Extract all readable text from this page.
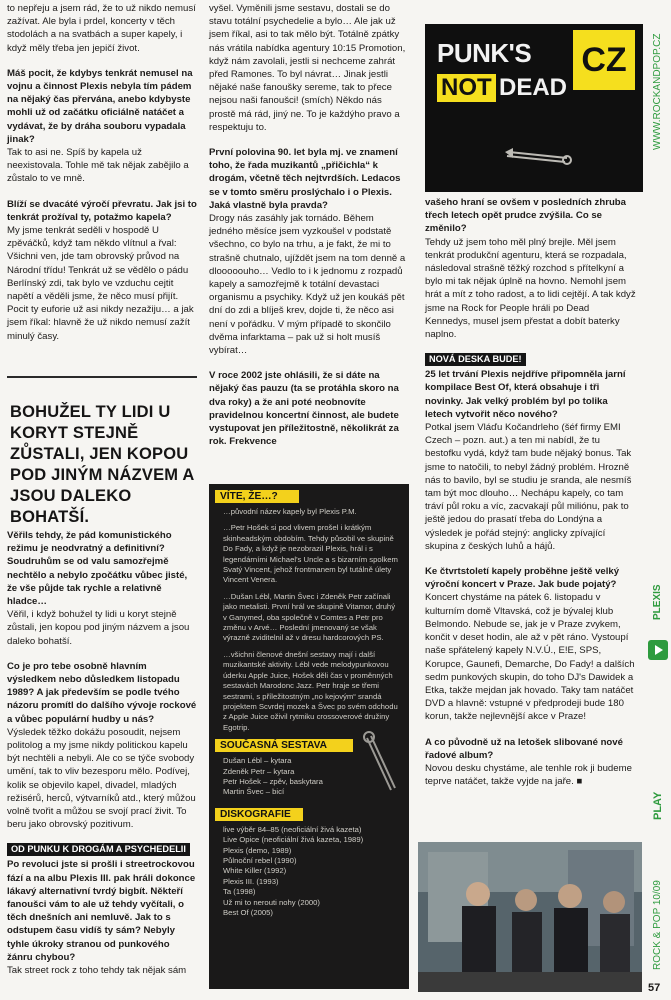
to nepřeju a jsem rád, že to už nikdo nemusí zažívat. Ale byla i prdel, koncerty v těch stodolách a na svatbách a super kapely, i když měly třeba jen jepičí život.

Máš pocit, že kdybys tenkrát nemusel na vojnu a činnost Plexis nebyla tím pádem na nějaký čas přervána, anebo kdybyste mohli už od začátku oficiálně natáčet a vydávat, že by dráha souboru vypadala jinak?
Tak to asi ne. Spíš by kapela už neexistovala. Tohle mě tak nějak zabějilo a zůstalo to ve mně.

Blíží se dvacáté výročí převratu. Jak jsi to tenkrát prožíval ty, potažmo kapela?
My jsme tenkrát seděli v hospodě U zpěváčků, když tam někdo vlítnul a řval: Všichni ven, jde tam obrovský průvod na Národní třídu! Tenkrát už se vědělo o pádu Berlínský zdi, tak bylo ve vzduchu cejtit napětí a věděli jsme, že něco musí přijít. Pocit ty euforie už asi nikdy nezažiju… a jak jsem říkal: hlavně že už nikdo nemusí zažít minulý časy.

BOHUŽEL TY LIDI U KORYT STEJNĚ ZŮSTALI, JEN KOPOU POD JINÝM NÁZVEM A JSOU DALEKO BOHATŠÍ.

Věřils tehdy, že pád komunistického režimu je neodvratný a definitivní? Soudruhům se od valu samozřejmě nechtělo a nebylo zpočátku vůbec jisté, že vše půjde tak rychle a relativně hladce…
Věřil, i když bohužel ty lidi u koryt stejně zůstali, jen kopou pod jiným názvem a jsou daleko bohatší.

Co je pro tebe osobně hlavním výsledkem nebo důsledkem listopadu 1989? A jak především se podle tvého názoru promítl do dalšího vývoje rockové a vůbec populární hudby u nás?
Výsledek těžko dokážu posoudit, nejsem politolog a my jsme nikdy politickou kapelu být nechtěli a nebyli. Ale co se týče svobody umění, tak to vliv bezesporu mělo. Podívej, kolik se objevilo kapel, divadel, mladých režisérů, herců, výtvarníků atd., který můžou volně tvořit a můžou se svojí prací živit. To beru jako obrovský pozitivum.

OD PUNKU K DROGÁM A PSYCHEDELII

Po revoluci jste si prošli i streetrockovou fází a na albu Plexis III. pak hráli dokonce lákavý alternativní tvrdý bigbít. Někteří fanoušci vám to ale už tehdy vyčítali, o těch dnešních ani nemluvě. Jak to s odstupem času vidíš ty sám? Nebyly tyhle úkroky stranou od punkového žánru chybou?
Tak street rock z toho tehdy tak nějak sám

vyšel. Vyměnili jsme sestavu, dostali se do stavu totální psychedelie a bylo… Ale jak už jsem říkal, asi to tak mělo být. Totálně zpátky nás vrátila nabídka agentury 10:15 Promotion, když nám zavolali, jestli si nechceme zahrát před Ramones. To byl návrat… Jinak jestli nějaké naše fanoušky sereme, tak to přece nejsou naši fanoušci! (smích) Někdo nás prostě má rád, jiný ne. To je každýho pravo a respektuju to.

První polovina 90. let byla mj. ve znamení toho, že řada muzikantů „přičichla“ k drogám, včetně těch nejtvrdších. Ledacos se v tomto směru proslýchalo i o Plexis. Jaká vlastně byla pravda?
Drogy nás zasáhly jak tornádo. Během jedného měsíce jsem vyzkoušel v podstatě všechno, co bylo na trhu, a je fakt, že mi to strašně chutnalo, ujíždět jsem na tom denně a dlooooouho… Vedlo to i k jednomu z rozpadů kapely a samozřejmě k totální devastaci organismu a psychiky. Když už jen koukáš pět dní do zdi a blíješ krev, dojde ti, že něco asi není v pořádku. V mým případě to skončilo dvěma infarktama – pak už si holt musíš vybírat…

V roce 2002 jste ohlásili, že si dáte na nějaký čas pauzu (ta se protáhla skoro na dva roky) a že ani poté neobnovíte pravidelnou koncertní činnost, ale budete vystupovat jen příležitostně, několikrát za rok. Frekvence

VÍTE, ŽE…?

…původní název kapely byl Plexis P.M.

…Petr Hošek si pod vlivem prošel i krátkým skinheadským obdobím. Tehdy působil ve skupině Do Fady, a když je nezobrazil Plexis, hrál i s legendárními Michael's Uncle a s bizarním spolkem Svatý Vincent, jehož frontmanem byl tutálně úlety Vincent Venera.

…Dušan Lébl, Martin Švec i Zdeněk Petr začínali jako metalisti. První hrál ve skupině Vitamor, druhý v Ganymed, oba společně v Comtes a Petr pro změnu v Arvé… Poslední jmenovaný se však výrazně zviditelnil až v dresu hardcorových PS.

…všichni členové dnešní sestavy mají i další muzikantské aktivity. Lébl vede melodypunkovou úderku Apple Juice, Hošek děli čas v proměnných sestavách Marodonc Jazz. Petr hraje se třemi sestrami, s příležitostným „no kejovým“ srandá projektem Scvrdej mozek a Švec po svém odchodu z Apple Juice oživil rytmiku crossoverové družiny Egotrip.

SOUČASNÁ SESTAVA
Dušan Lébl – kytara
Zdeněk Petr – kytara
Petr Hošek – zpěv, baskytara
Martin Švec – bicí
DISKOGRAFIE
live výběr 84–85 (neoficiální živá kazeta)
Live Opice (neoficiální živá kazeta, 1989)
Plexis (demo, 1989)
Půlnoční rebel (1990)
White Killer (1992)
Plexis III. (1993)
Ta (1998)
Už mi to nerouti nohy (2000)
Best Of (2005)
PUNK'S CZ
NOT DEAD

vašeho hraní se ovšem v posledních zhruba třech letech opět prudce zvýšila. Co se změnilo?
Tehdy už jsem toho měl plný brejle. Měl jsem tenkrát produkční agenturu, která se rozpadala, následoval strašně těžký rozchod s přítelkyní a bylo mi tak nějak úplně na hovno. Nemohl jsem hrát a mít z toho radost, a to lidi cejtějí. A tak když jsme na Rock for People hráli po Dead Kennedys, musel jsem přestat a dobít baterky naplno.

NOVÁ DESKA BUDE!

25 let trvání Plexis nejdříve připomněla jarní kompilace Best Of, která obsahuje i tři novinky. Jak velký problém byl po tolika letech vytvořit něco nového?
Potkal jsem Vláďu Kočandrleho (šéf firmy EMI Czech – pozn. aut.) a ten mi nabídl, že tu bestofku vydá, když tam bude nějaký bonus. Tak jsme to natočili, to nebyl žádný problém. Hrozně nás to bavilo, byl se studiu je sranda, ale nesmíš tam být moc dlouho… Nechápu kapely, co tam tráví půl roku a víc, zacvakají půl miliónu, pak to ještě jedou do prasatí třeba do Londýna a výsledek je pořád stejný: anglicky zpívající skupina z českých luhů a hájů.

Ke čtvrtstoletí kapely proběhne ještě velký výroční koncert v Praze. Jak bude pojatý?
Koncert chystáme na pátek 6. listopadu v kulturním domě Vltavská, což je bývalej klub Belmondo. Nebude se, jak je v Praze zvykem, končit v deset hodin, ale až v pět ráno. Vystoupí naše spřátelený kapely N.V.Ú., E!E, SPS, Korupce, Gaunefi, Demarche, Do Fady! a dalších sedm punkových skupin, do toho DJ's Dawidek a Etka, takže mejdan jak hovado. Taky tam natáčet DVD a hlavně: vstupné v předprodeji bude 180 korun, takže nejlevnější akce v Praze!

A co původně už na letošek slibované nové řadové album?
Novou desku chystáme, ale tenhle rok ji budeme teprve natáčet, takže vyjde na jaře. ■

WWW.ROCKANDPOP.CZ
PLEXIS
PLAY
ROCK & POP 10/09
57
